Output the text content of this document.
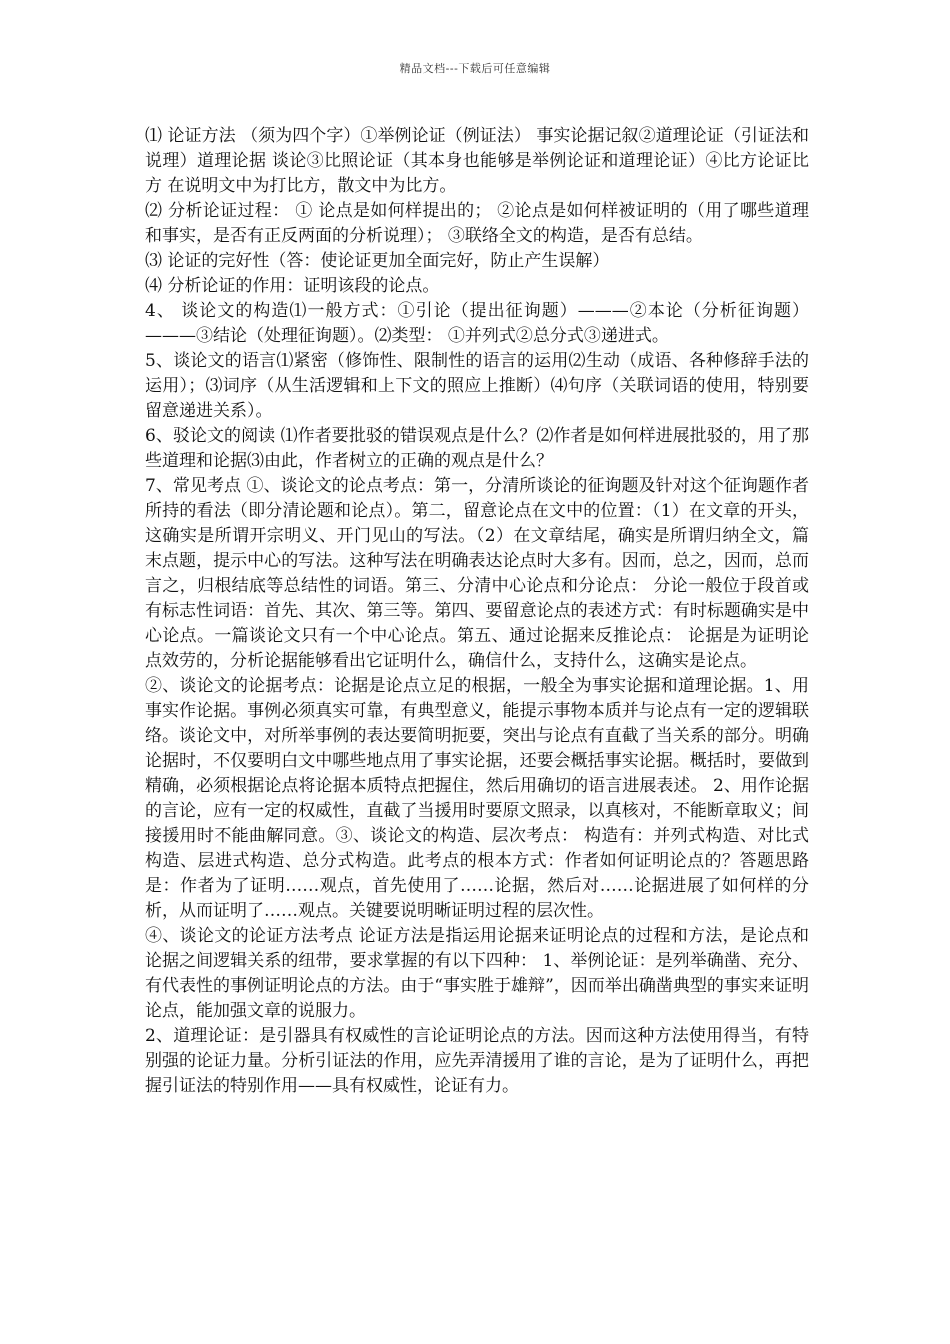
精品文档---下载后可任意编辑

⑴ 论证方法 （须为四个字）①举例论证（例证法） 事实论据记叙②道理论证（引证法和说理）道理论据 谈论③比照论证（其本身也能够是举例论证和道理论证）④比方论证比方 在说明文中为打比方，散文中为比方。

⑵ 分析论证过程： ① 论点是如何样提出的； ②论点是如何样被证明的（用了哪些道理和事实，是否有正反两面的分析说理）； ③联络全文的构造，是否有总结。

⑶ 论证的完好性（答：使论证更加全面完好，防止产生误解）

⑷ 分析论证的作用：证明该段的论点。

4、 谈论文的构造⑴一般方式：①引论（提出征询题）———②本论（分析征询题）———③结论（处理征询题）。⑵类型： ①并列式②总分式③递进式。

5、谈论文的语言⑴紧密（修饰性、限制性的语言的运用⑵生动（成语、各种修辞手法的运用）；⑶词序（从生活逻辑和上下文的照应上推断）⑷句序（关联词语的使用，特别要留意递进关系）。

6、驳论文的阅读 ⑴作者要批驳的错误观点是什么？⑵作者是如何样进展批驳的，用了那些道理和论据⑶由此，作者树立的正确的观点是什么？

7、常见考点 ①、谈论文的论点考点：第一，分清所谈论的征询题及针对这个征询题作者所持的看法（即分清论题和论点）。第二，留意论点在文中的位置：（1）在文章的开头，这确实是所谓开宗明义、开门见山的写法。（2）在文章结尾，确实是所谓归纳全文，篇末点题，提示中心的写法。这种写法在明确表达论点时大多有。因而，总之，因而，总而言之，归根结底等总结性的词语。第三、分清中心论点和分论点： 分论一般位于段首或有标志性词语：首先、其次、第三等。第四、要留意论点的表述方式：有时标题确实是中心论点。一篇谈论文只有一个中心论点。第五、通过论据来反推论点： 论据是为证明论点效劳的，分析论据能够看出它证明什么，确信什么，支持什么，这确实是论点。

②、谈论文的论据考点：论据是论点立足的根据，一般全为事实论据和道理论据。1、用事实作论据。事例必须真实可靠，有典型意义，能提示事物本质并与论点有一定的逻辑联络。谈论文中，对所举事例的表达要简明扼要，突出与论点有直截了当关系的部分。明确论据时，不仅要明白文中哪些地点用了事实论据，还要会概括事实论据。概括时，要做到精确，必须根据论点将论据本质特点把握住，然后用确切的语言进展表述。 2、用作论据的言论，应有一定的权威性，直截了当援用时要原文照录，以真核对，不能断章取义；间接援用时不能曲解同意。③、谈论文的构造、层次考点： 构造有：并列式构造、对比式构造、层进式构造、总分式构造。此考点的根本方式：作者如何证明论点的？答题思路是：作者为了证明……观点，首先使用了……论据，然后对……论据进展了如何样的分析，从而证明了……观点。关键要说明晰证明过程的层次性。

④、谈论文的论证方法考点 论证方法是指运用论据来证明论点的过程和方法，是论点和论据之间逻辑关系的纽带，要求掌握的有以下四种： 1、举例论证：是列举确凿、充分、有代表性的事例证明论点的方法。由于“事实胜于雄辩”，因而举出确凿典型的事实来证明论点，能加强文章的说服力。

2、道理论证：是引器具有权威性的言论证明论点的方法。因而这种方法使用得当，有特别强的论证力量。分析引证法的作用，应先弄清援用了谁的言论，是为了证明什么，再把握引证法的特别作用——具有权威性，论证有力。
